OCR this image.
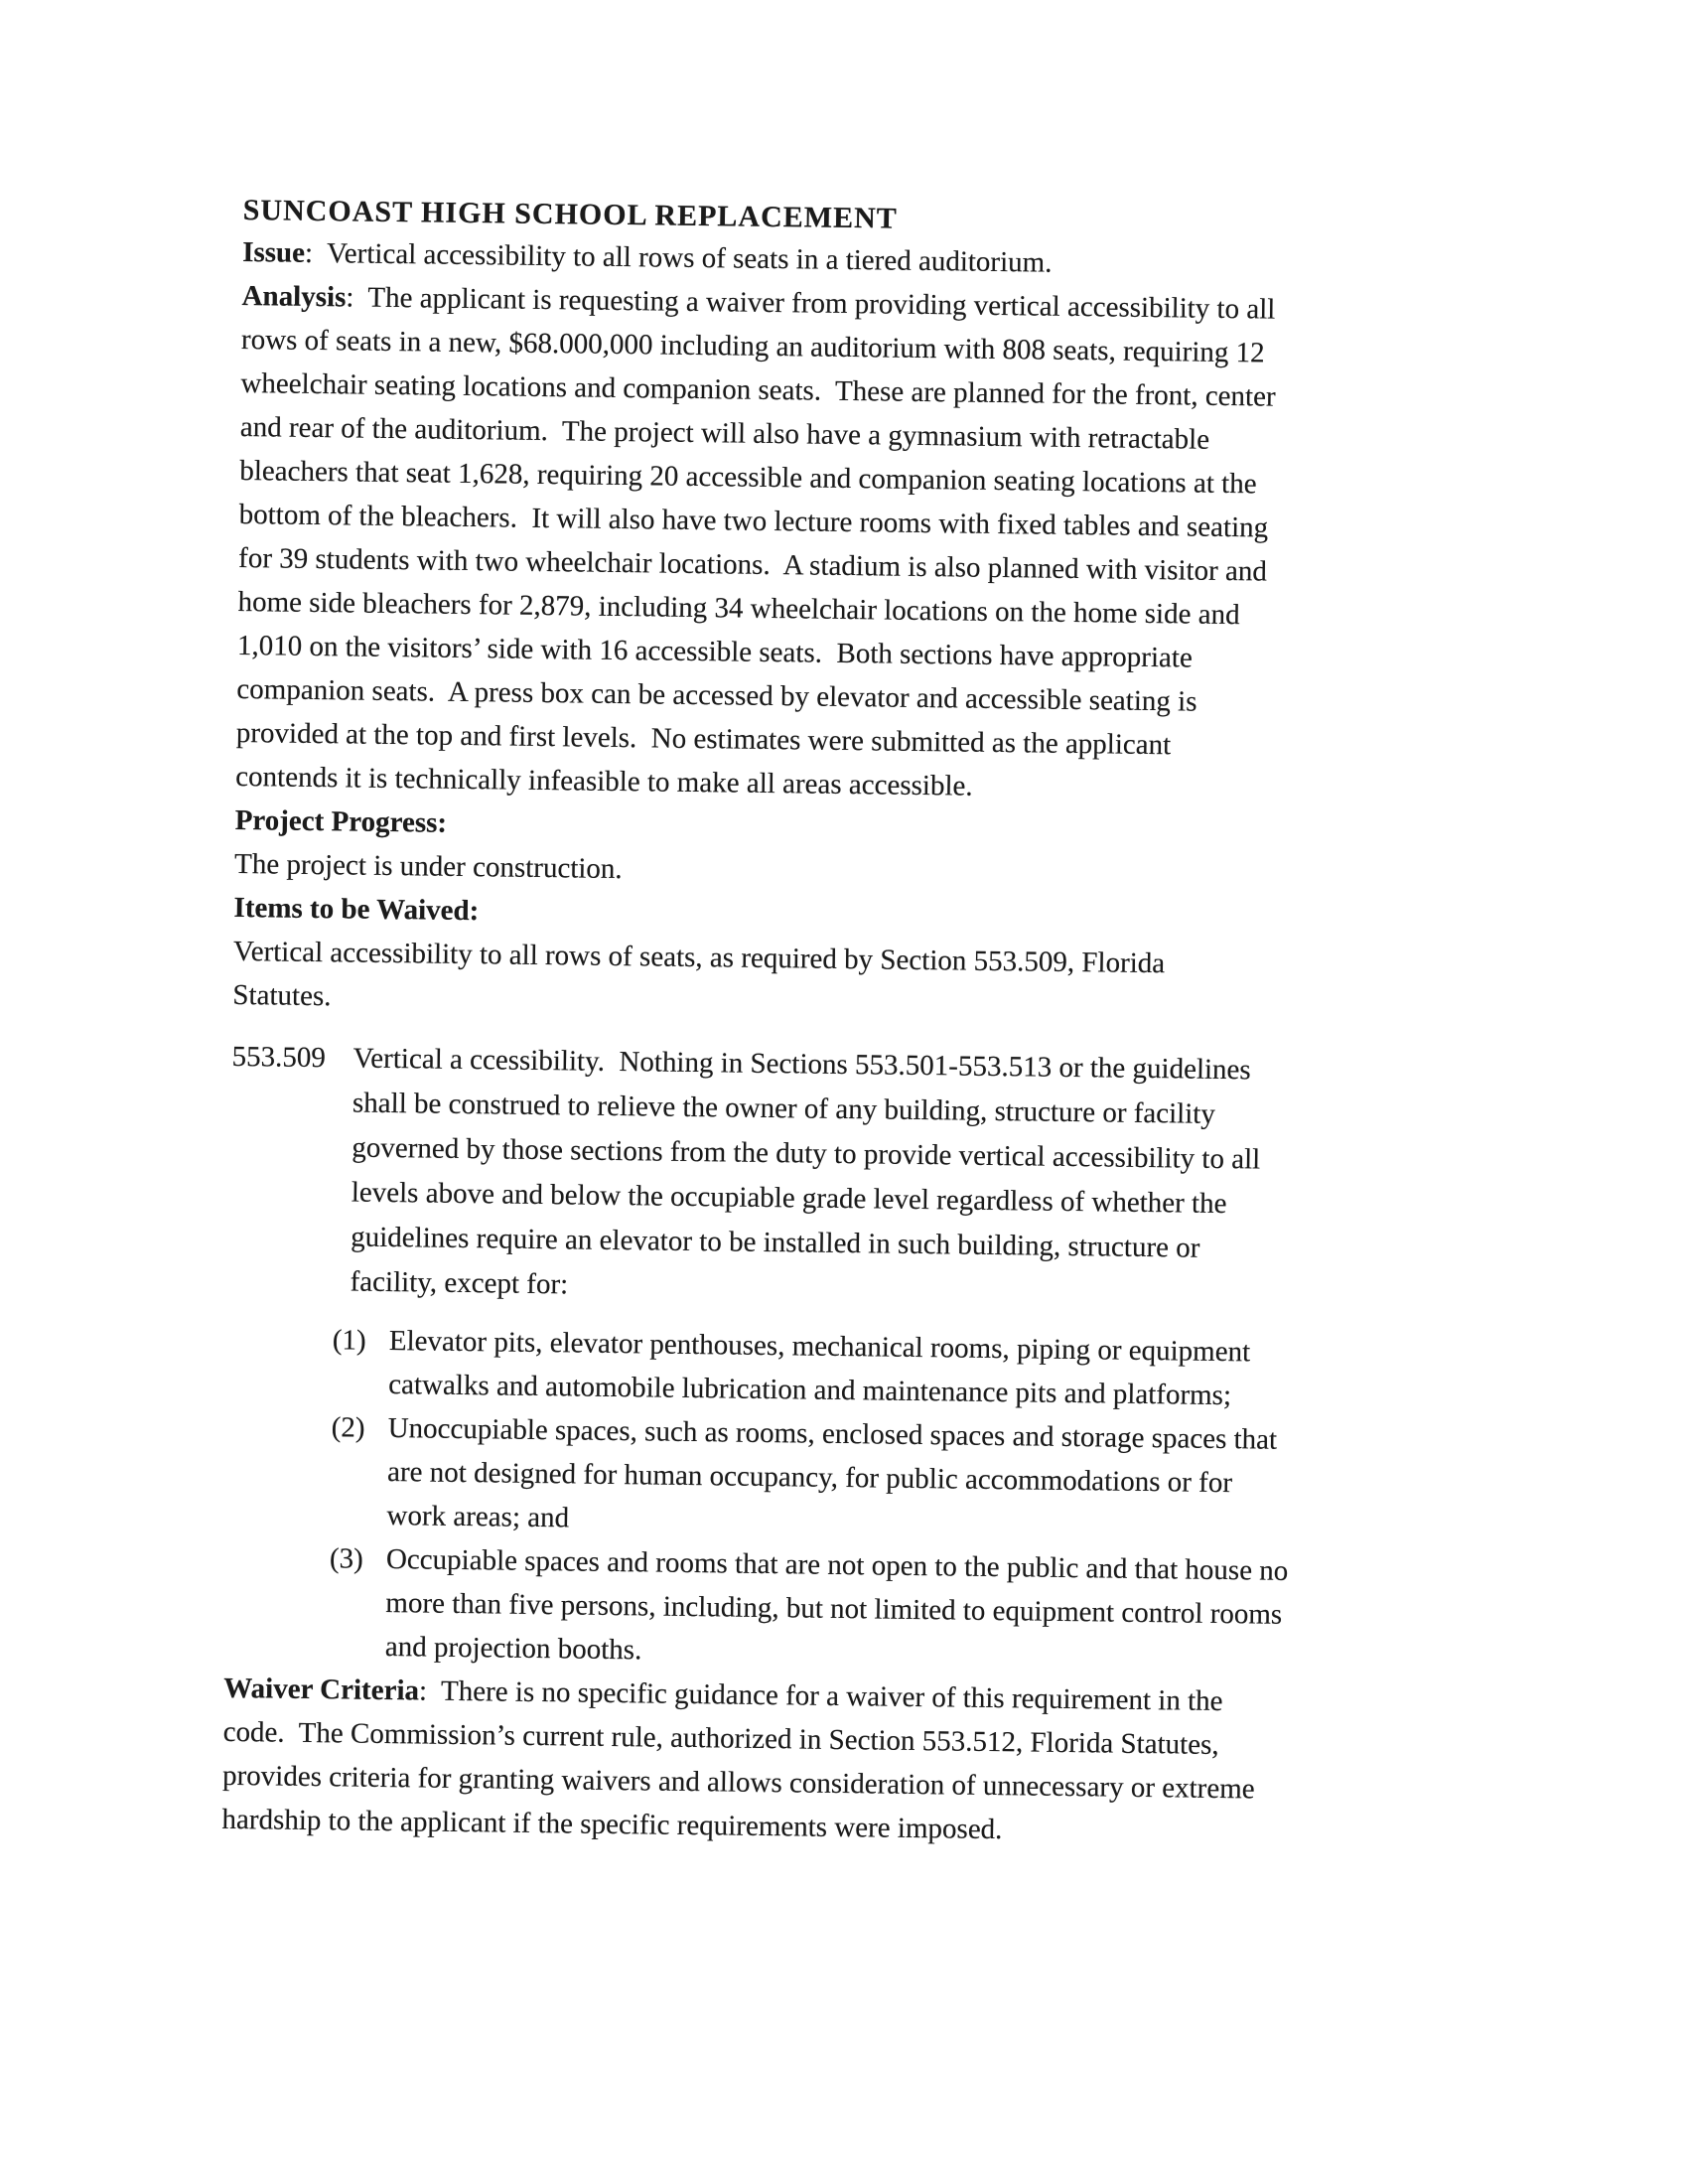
SUNCOAST HIGH SCHOOL REPLACEMENT

Issue:  Vertical accessibility to all rows of seats in a tiered auditorium.

Analysis:  The applicant is requesting a waiver from providing vertical accessibility to all
rows of seats in a new, $68.000,000 including an auditorium with 808 seats, requiring 12
wheelchair seating locations and companion seats.  These are planned for the front, center
and rear of the auditorium.  The project will also have a gymnasium with retractable
bleachers that seat 1,628, requiring 20 accessible and companion seating locations at the
bottom of the bleachers.  It will also have two lecture rooms with fixed tables and seating
for 39 students with two wheelchair locations.  A stadium is also planned with visitor and
home side bleachers for 2,879, including 34 wheelchair locations on the home side and
1,010 on the visitors’ side with 16 accessible seats.  Both sections have appropriate
companion seats.  A press box can be accessed by elevator and accessible seating is
provided at the top and first levels.  No estimates were submitted as the applicant
contends it is technically infeasible to make all areas accessible.

Project Progress:

The project is under construction.

Items to be Waived:

Vertical accessibility to all rows of seats, as required by Section 553.509, Florida
Statutes.

553.509 Vertical a ccessibility.  Nothing in Sections 553.501-553.513 or the guidelines
shall be construed to relieve the owner of any building, structure or facility
governed by those sections from the duty to provide vertical accessibility to all
levels above and below the occupiable grade level regardless of whether the
guidelines require an elevator to be installed in such building, structure or
facility, except for:
(1) Elevator pits, elevator penthouses, mechanical rooms, piping or equipment
catwalks and automobile lubrication and maintenance pits and platforms;
(2) Unoccupiable spaces, such as rooms, enclosed spaces and storage spaces that
are not designed for human occupancy, for public accommodations or for
work areas; and
(3) Occupiable spaces and rooms that are not open to the public and that house no
more than five persons, including, but not limited to equipment control rooms
and projection booths.

Waiver Criteria:  There is no specific guidance for a waiver of this requirement in the
code.  The Commission’s current rule, authorized in Section 553.512, Florida Statutes,
provides criteria for granting waivers and allows consideration of unnecessary or extreme
hardship to the applicant if the specific requirements were imposed.
